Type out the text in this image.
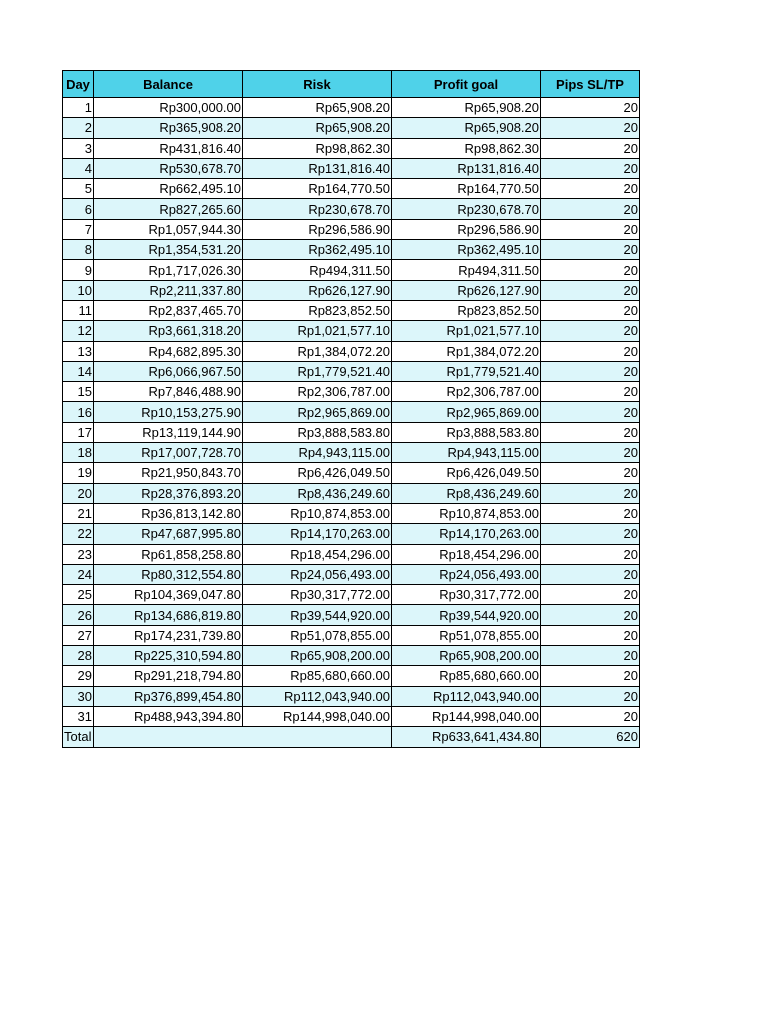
Day	Balance	Risk	Profit goal	Pips SL/TP
1	Rp300,000.00	Rp65,908.20	Rp65,908.20	20
2	Rp365,908.20	Rp65,908.20	Rp65,908.20	20
3	Rp431,816.40	Rp98,862.30	Rp98,862.30	20
4	Rp530,678.70	Rp131,816.40	Rp131,816.40	20
5	Rp662,495.10	Rp164,770.50	Rp164,770.50	20
6	Rp827,265.60	Rp230,678.70	Rp230,678.70	20
7	Rp1,057,944.30	Rp296,586.90	Rp296,586.90	20
8	Rp1,354,531.20	Rp362,495.10	Rp362,495.10	20
9	Rp1,717,026.30	Rp494,311.50	Rp494,311.50	20
10	Rp2,211,337.80	Rp626,127.90	Rp626,127.90	20
11	Rp2,837,465.70	Rp823,852.50	Rp823,852.50	20
12	Rp3,661,318.20	Rp1,021,577.10	Rp1,021,577.10	20
13	Rp4,682,895.30	Rp1,384,072.20	Rp1,384,072.20	20
14	Rp6,066,967.50	Rp1,779,521.40	Rp1,779,521.40	20
15	Rp7,846,488.90	Rp2,306,787.00	Rp2,306,787.00	20
16	Rp10,153,275.90	Rp2,965,869.00	Rp2,965,869.00	20
17	Rp13,119,144.90	Rp3,888,583.80	Rp3,888,583.80	20
18	Rp17,007,728.70	Rp4,943,115.00	Rp4,943,115.00	20
19	Rp21,950,843.70	Rp6,426,049.50	Rp6,426,049.50	20
20	Rp28,376,893.20	Rp8,436,249.60	Rp8,436,249.60	20
21	Rp36,813,142.80	Rp10,874,853.00	Rp10,874,853.00	20
22	Rp47,687,995.80	Rp14,170,263.00	Rp14,170,263.00	20
23	Rp61,858,258.80	Rp18,454,296.00	Rp18,454,296.00	20
24	Rp80,312,554.80	Rp24,056,493.00	Rp24,056,493.00	20
25	Rp104,369,047.80	Rp30,317,772.00	Rp30,317,772.00	20
26	Rp134,686,819.80	Rp39,544,920.00	Rp39,544,920.00	20
27	Rp174,231,739.80	Rp51,078,855.00	Rp51,078,855.00	20
28	Rp225,310,594.80	Rp65,908,200.00	Rp65,908,200.00	20
29	Rp291,218,794.80	Rp85,680,660.00	Rp85,680,660.00	20
30	Rp376,899,454.80	Rp112,043,940.00	Rp112,043,940.00	20
31	Rp488,943,394.80	Rp144,998,040.00	Rp144,998,040.00	20
Total			Rp633,641,434.80	620
